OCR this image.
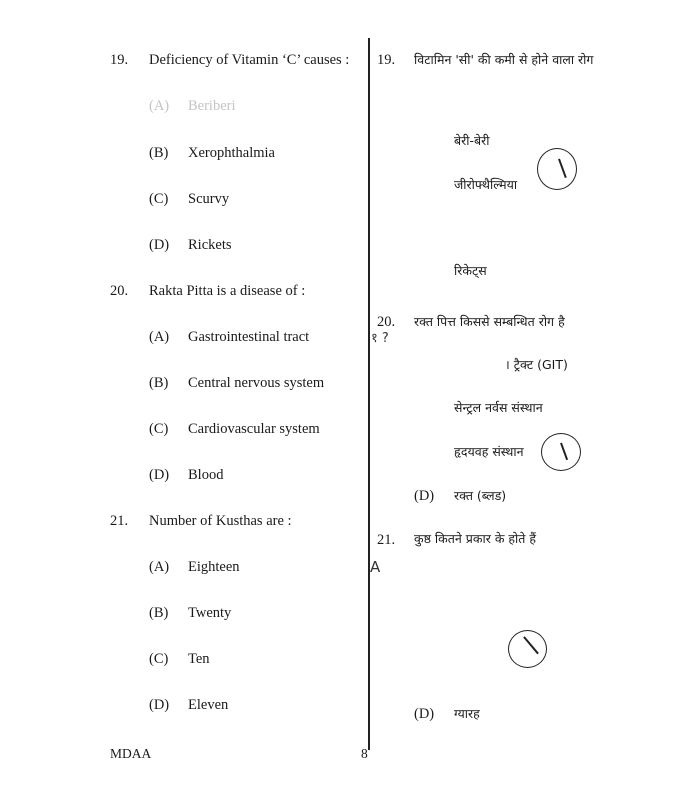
19. Deficiency of Vitamin ‘C’ causes :
(A) Beriberi
(B) Xerophthalmia
(C) Scurvy
(D) Rickets
20. Rakta Pitta is a disease of :
(A) Gastrointestinal tract
(B) Central nervous system
(C) Cardiovascular system
(D) Blood
21. Number of Kusthas are :
(A) Eighteen
(B) Twenty
(C) Ten
(D) Eleven
19. विटामिन 'सी' की कमी से होने वाला रोग
बेरी-बेरी
जीरोफ्थैल्मिया
रिकेट्स
20. रक्त पित्त किससे सम्बन्धित रोग है
। ट्रैक्ट (GIT)
सेन्ट्रल नर्वस संस्थान
हृदयवह संस्थान
(D) रक्त (ब्लड)
21. कुष्ठ कितने प्रकार के होते हैं
(D) ग्यारह
१ ?
A
MDAA	8
